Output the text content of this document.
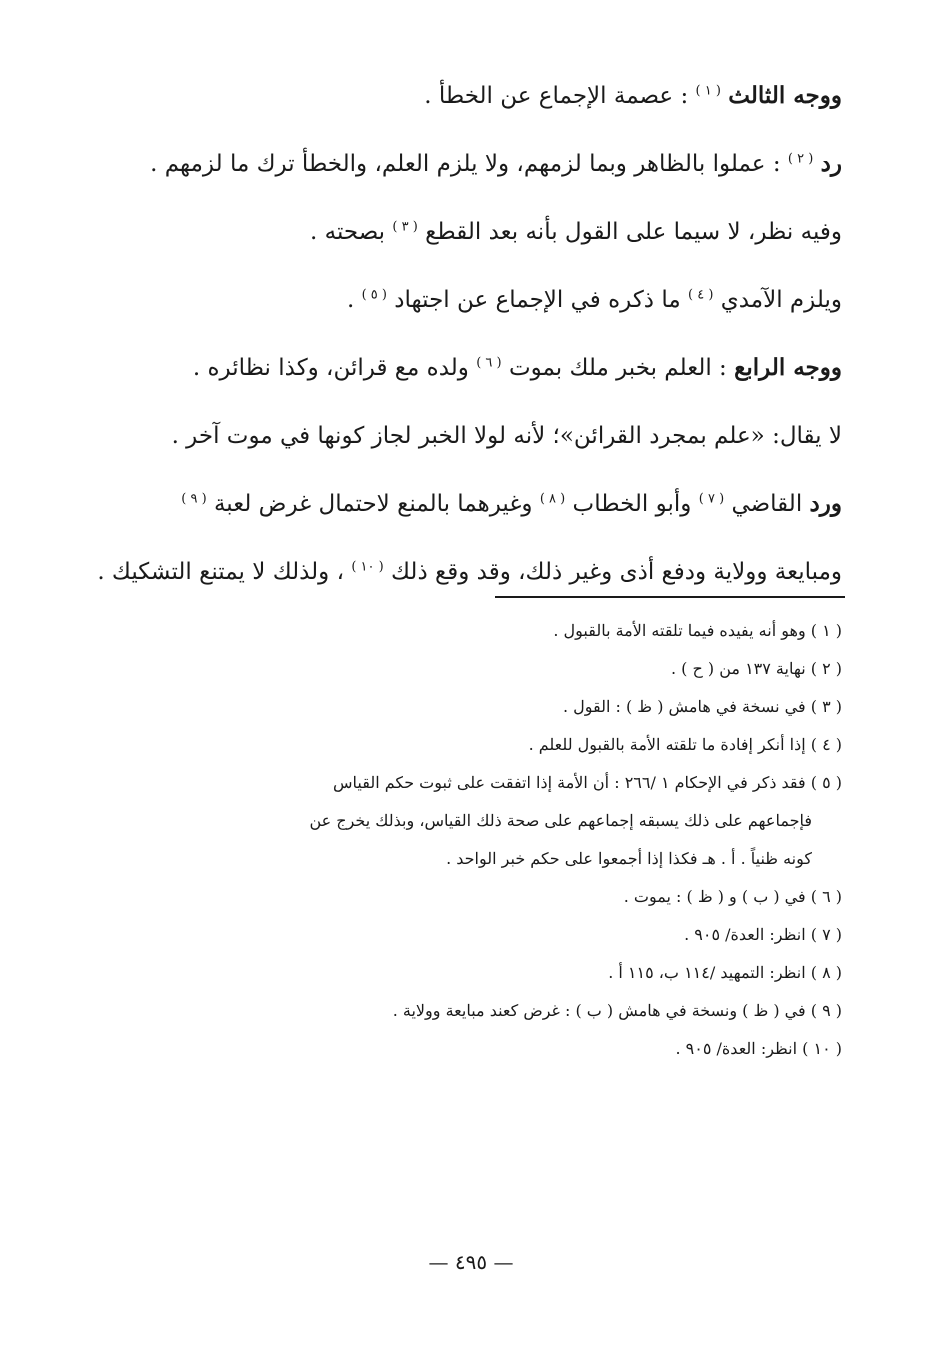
ووجه الثالث $^{( ١ )}$ : عصمة الإجماع عن الخطأ .
رد $^{( ٢ )}$ : عملوا بالظاهر وبما لزمهم، ولا يلزم العلم، والخطأ ترك ما لزمهم .
وفيه نظر، لا سيما على القول بأنه بعد القطع $^{( ٣ )}$ بصحته .
ويلزم الآمدي $^{( ٤ )}$ ما ذكره في الإجماع عن اجتهاد $^{( ٥ )}$ .
ووجه الرابع : العلم بخبر ملك بموت $^{( ٦ )}$ ولده مع قرائن، وكذا نظائره .
لا يقال: «علم بمجرد القرائن»؛ لأنه لولا الخبر لجاز كونها في موت آخر .
ورد القاضي $^{( ٧ )}$ وأبو الخطاب $^{( ٨ )}$ وغيرهما بالمنع لاحتمال غرض لعبة $^{( ٩ )}$
ومبايعة وولاية ودفع أذى وغير ذلك، وقد وقع ذلك $^{( ١٠ )}$ ، ولذلك لا يمتنع التشكيك .
( ١ ) وهو أنه يفيده فيما تلقته الأمة بالقبول .
( ٢ ) نهاية ١٣٧ من ( ح ) .
( ٣ ) في نسخة في هامش ( ظ ) : القول .
( ٤ ) إذا أنكر إفادة ما تلقته الأمة بالقبول للعلم .
( ٥ ) فقد ذكر في الإحكام ١ /٢٦٦ : أن الأمة إذا اتفقت على ثبوت حكم القياس
فإجماعهم على ذلك يسبقه إجماعهم على صحة ذلك القياس، وبذلك يخرج عن
كونه ظنياً . أ . هـ فكذا إذا أجمعوا على حكم خبر الواحد .
( ٦ ) في ( ب ) و ( ظ ) : يموت .
( ٧ ) انظر: العدة/ ٩٠٥ .
( ٨ ) انظر: التمهيد /١١٤ ب، ١١٥ أ .
( ٩ ) في ( ظ ) ونسخة في هامش ( ب ) : غرض كعند مبايعة وولاية .
( ١٠ ) انظر: العدة/ ٩٠٥ .
— ٤٩٥ —
